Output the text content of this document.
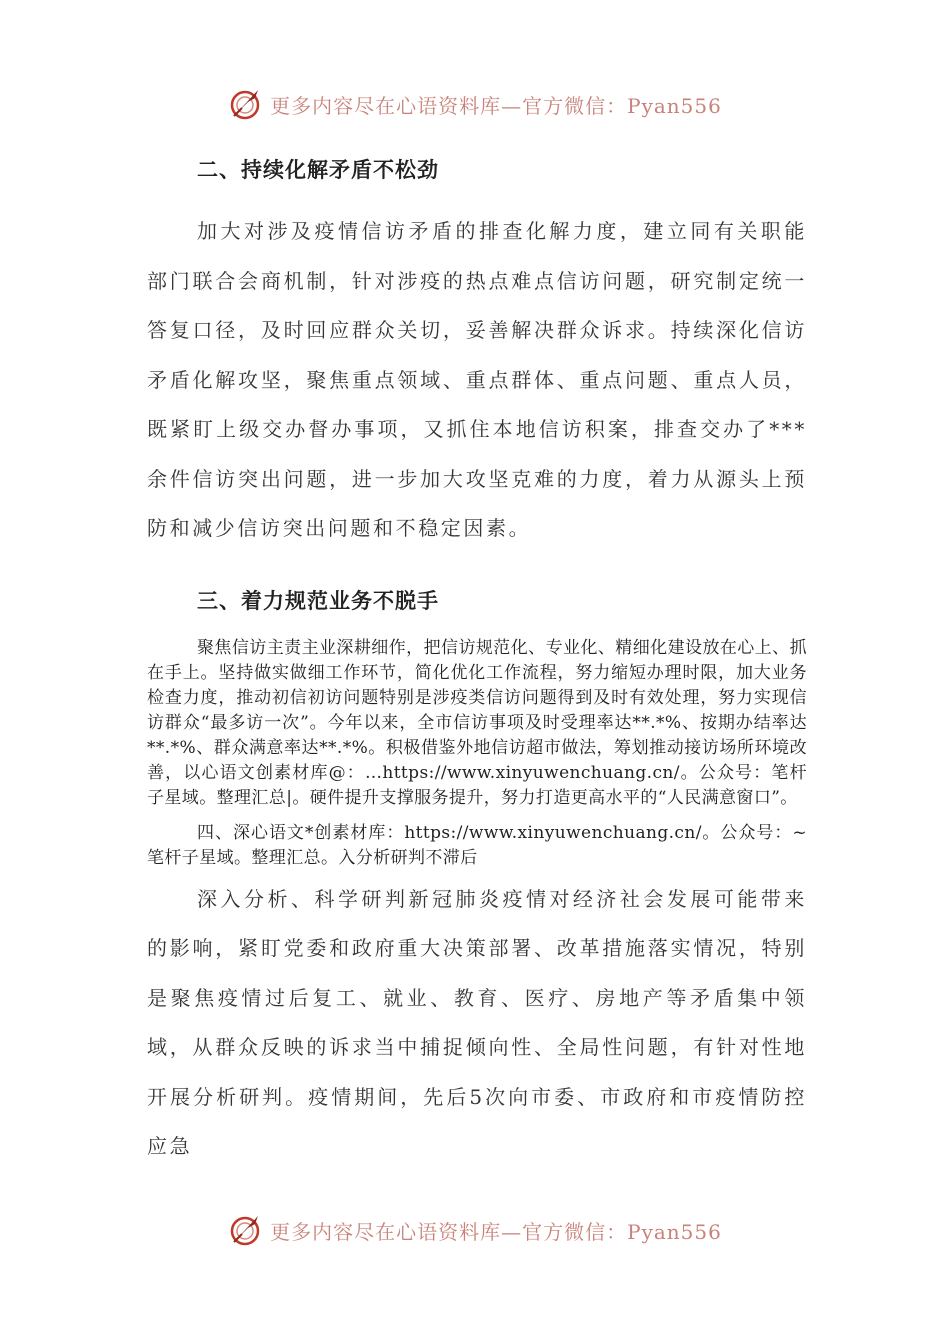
更多内容尽在心语资料库—官方微信：Pyan556
二、持续化解矛盾不松劲

加大对涉及疫情信访矛盾的排查化解力度，建立同有关职能部门联合会商机制，针对涉疫的热点难点信访问题，研究制定统一答复口径，及时回应群众关切，妥善解决群众诉求。持续深化信访矛盾化解攻坚，聚焦重点领域、重点群体、重点问题、重点人员，既紧盯上级交办督办事项，又抓住本地信访积案，排查交办了***余件信访突出问题，进一步加大攻坚克难的力度，着力从源头上预防和减少信访突出问题和不稳定因素。

三、着力规范业务不脱手

聚焦信访主责主业深耕细作，把信访规范化、专业化、精细化建设放在心上、抓在手上。坚持做实做细工作环节，简化优化工作流程，努力缩短办理时限，加大业务检查力度，推动初信初访问题特别是涉疫类信访问题得到及时有效处理，努力实现信访群众“最多访一次”。今年以来，全市信访事项及时受理率达**.*%、按期办结率达**.*%、群众满意率达**.*%。积极借鉴外地信访超市做法，筹划推动接访场所环境改善，以心语文创素材库@：…https://www.xinyuwenchuang.cn/。公众号：笔杆子星域。整理汇总|。硬件提升支撑服务提升，努力打造更高水平的“人民满意窗口”。

四、深心语文*创素材库：https://www.xinyuwenchuang.cn/。公众号：~笔杆子星域。整理汇总。入分析研判不滞后

深入分析、科学研判新冠肺炎疫情对经济社会发展可能带来的影响，紧盯党委和政府重大决策部署、改革措施落实情况，特别是聚焦疫情过后复工、就业、教育、医疗、房地产等矛盾集中领域，从群众反映的诉求当中捕捉倾向性、全局性问题，有针对性地开展分析研判。疫情期间，先后5次向市委、市政府和市疫情防控应急

更多内容尽在心语资料库—官方微信：Pyan556
